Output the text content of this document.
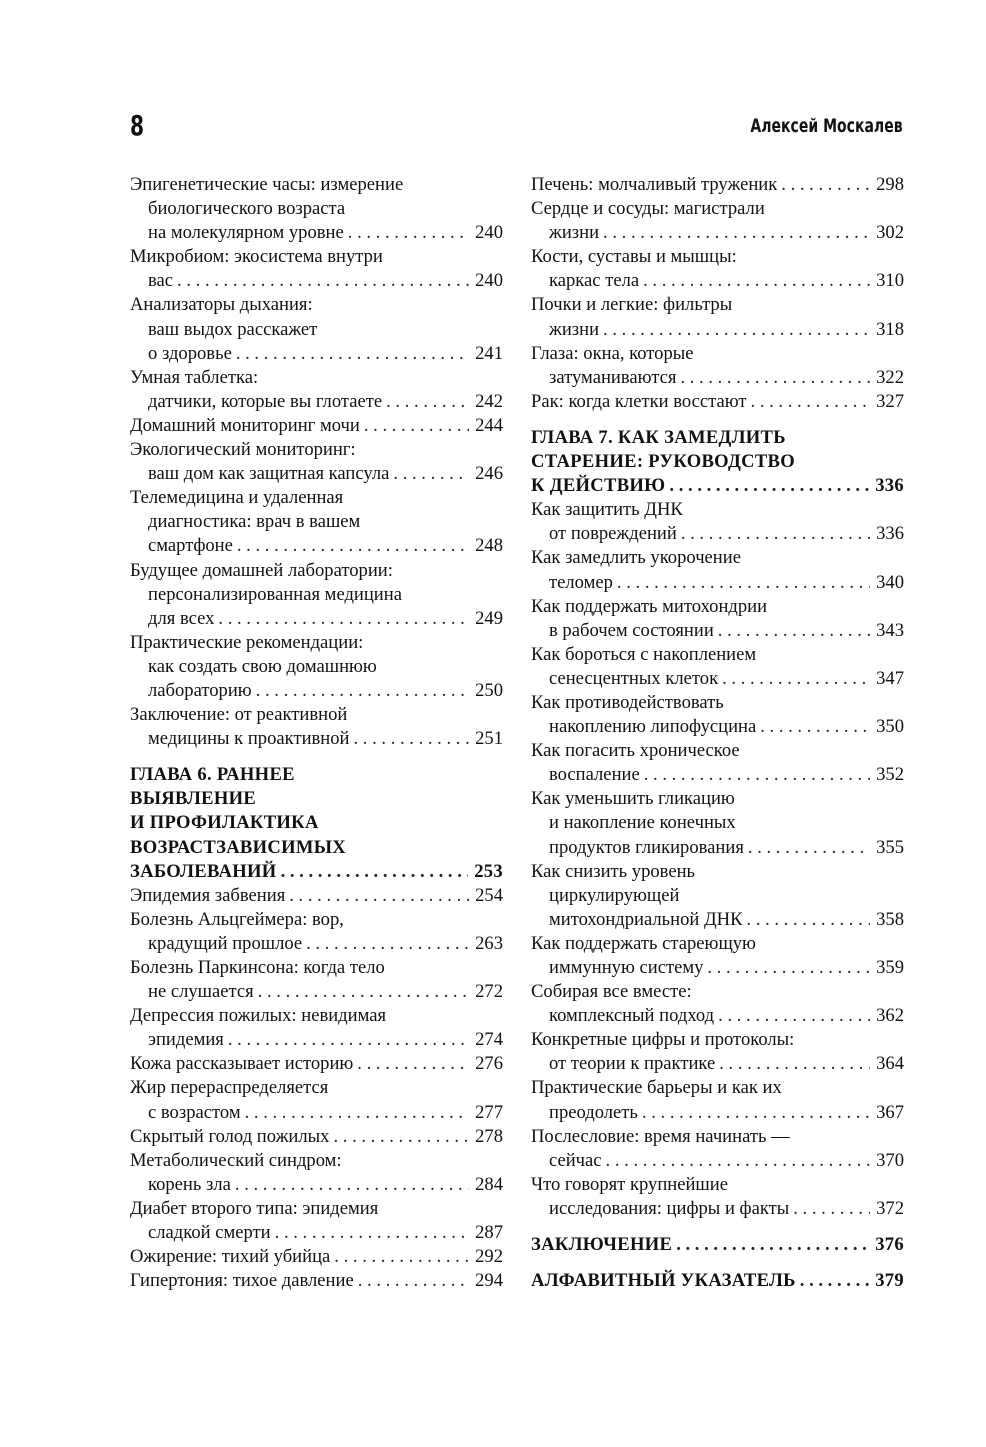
8	Алексей Москалев
Эпигенетические часы: измерение
биологического возраста
на молекулярном уровне . . .	240
Микробиом: экосистема внутри
вас . . .	240
Анализаторы дыхания:
ваш выдох расскажет
о здоровье . . .	241
Умная таблетка:
датчики, которые вы глотаете . . .	242
Домашний мониторинг мочи . . .	244
Экологический мониторинг:
ваш дом как защитная капсула . . .	246
Телемедицина и удаленная
диагностика: врач в вашем
смартфоне . . .	248
Будущее домашней лаборатории:
персонализированная медицина
для всех . . .	249
Практические рекомендации:
как создать свою домашнюю
лабораторию . . .	250
Заключение: от реактивной
медицины к проактивной . . .	251
ГЛАВА 6. РАННЕЕ
ВЫЯВЛЕНИЕ
И ПРОФИЛАКТИКА
ВОЗРАСТЗАВИСИМЫХ
ЗАБОЛЕВАНИЙ . . .	253
Эпидемия забвения . . .	254
Болезнь Альцгеймера: вор,
крадущий прошлое . . .	263
Болезнь Паркинсона: когда тело
не слушается . . .	272
Депрессия пожилых: невидимая
эпидемия . . .	274
Кожа рассказывает историю . . .	276
Жир перераспределяется
с возрастом . . .	277
Скрытый голод пожилых . . .	278
Метаболический синдром:
корень зла . . .	284
Диабет второго типа: эпидемия
сладкой смерти . . .	287
Ожирение: тихий убийца . . .	292
Гипертония: тихое давление . . .	294
Печень: молчаливый труженик . . .	298
Сердце и сосуды: магистрали
жизни . . .	302
Кости, суставы и мышцы:
каркас тела . . .	310
Почки и легкие: фильтры
жизни . . .	318
Глаза: окна, которые
затуманиваются . . .	322
Рак: когда клетки восстают . . .	327
ГЛАВА 7. КАК ЗАМЕДЛИТЬ
СТАРЕНИЕ: РУКОВОДСТВО
К ДЕЙСТВИЮ . . .	336
Как защитить ДНК
от повреждений . . .	336
Как замедлить укорочение
теломер . . .	340
Как поддержать митохондрии
в рабочем состоянии . . .	343
Как бороться с накоплением
сенесцентных клеток . . .	347
Как противодействовать
накоплению липофусцина . . .	350
Как погасить хроническое
воспаление . . .	352
Как уменьшить гликацию
и накопление конечных
продуктов гликирования . . .	355
Как снизить уровень
циркулирующей
митохондриальной ДНК . . .	358
Как поддержать стареющую
иммунную систему . . .	359
Собирая все вместе:
комплексный подход . . .	362
Конкретные цифры и протоколы:
от теории к практике . . .	364
Практические барьеры и как их
преодолеть . . .	367
Послесловие: время начинать —
сейчас . . .	370
Что говорят крупнейшие
исследования: цифры и факты . . .	372
ЗАКЛЮЧЕНИЕ . . .	376
АЛФАВИТНЫЙ УКАЗАТЕЛЬ . . .	379
